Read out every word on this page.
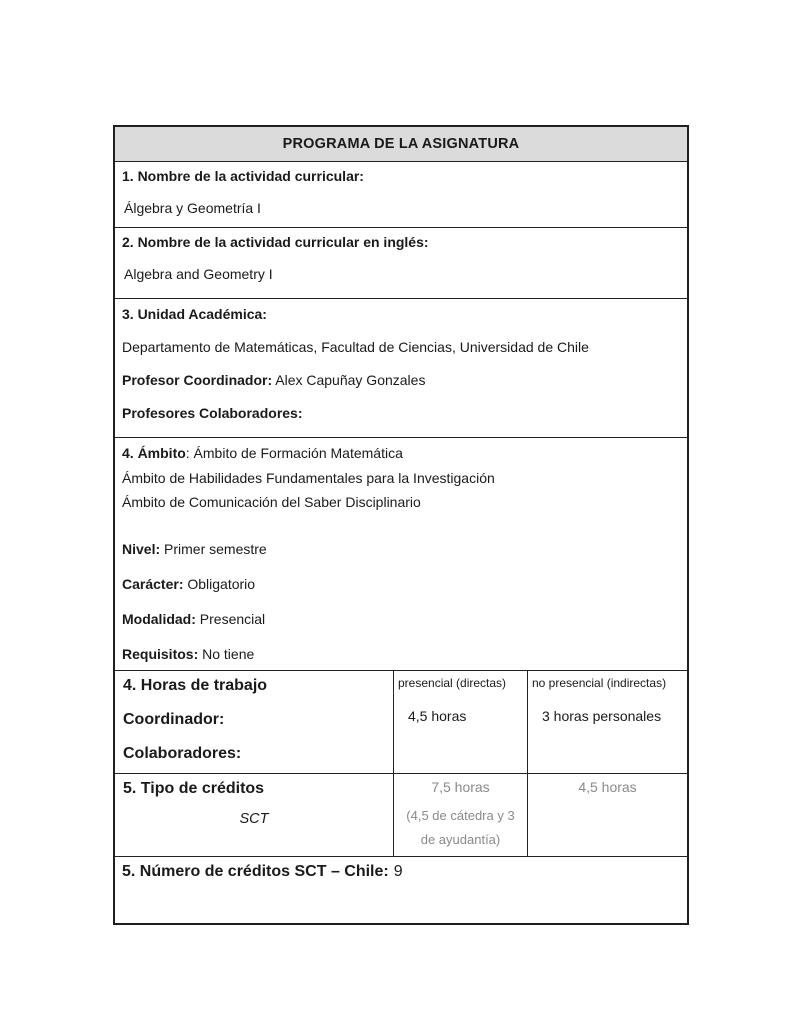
PROGRAMA DE LA ASIGNATURA

1. Nombre de la actividad curricular:

Álgebra y Geometría I

2. Nombre de la actividad curricular en inglés:

Algebra and Geometry I

3. Unidad Académica:

Departamento de Matemáticas, Facultad de Ciencias, Universidad de Chile

Profesor Coordinador: Alex Capuñay Gonzales

Profesores Colaboradores:

4. Ámbito: Ámbito de Formación Matemática
Ámbito de Habilidades Fundamentales para la Investigación
Ámbito de Comunicación del Saber Disciplinario

Nivel: Primer semestre

Carácter: Obligatorio

Modalidad: Presencial

Requisitos: No tiene

4. Horas de trabajo

Coordinador:

Colaboradores:

presencial (directas)

4,5 horas

no presencial (indirectas)

3 horas personales

5. Tipo de créditos

SCT

7,5 horas

(4,5 de cátedra y 3 de ayudantía)

4,5 horas

5. Número de créditos SCT – Chile: 9
